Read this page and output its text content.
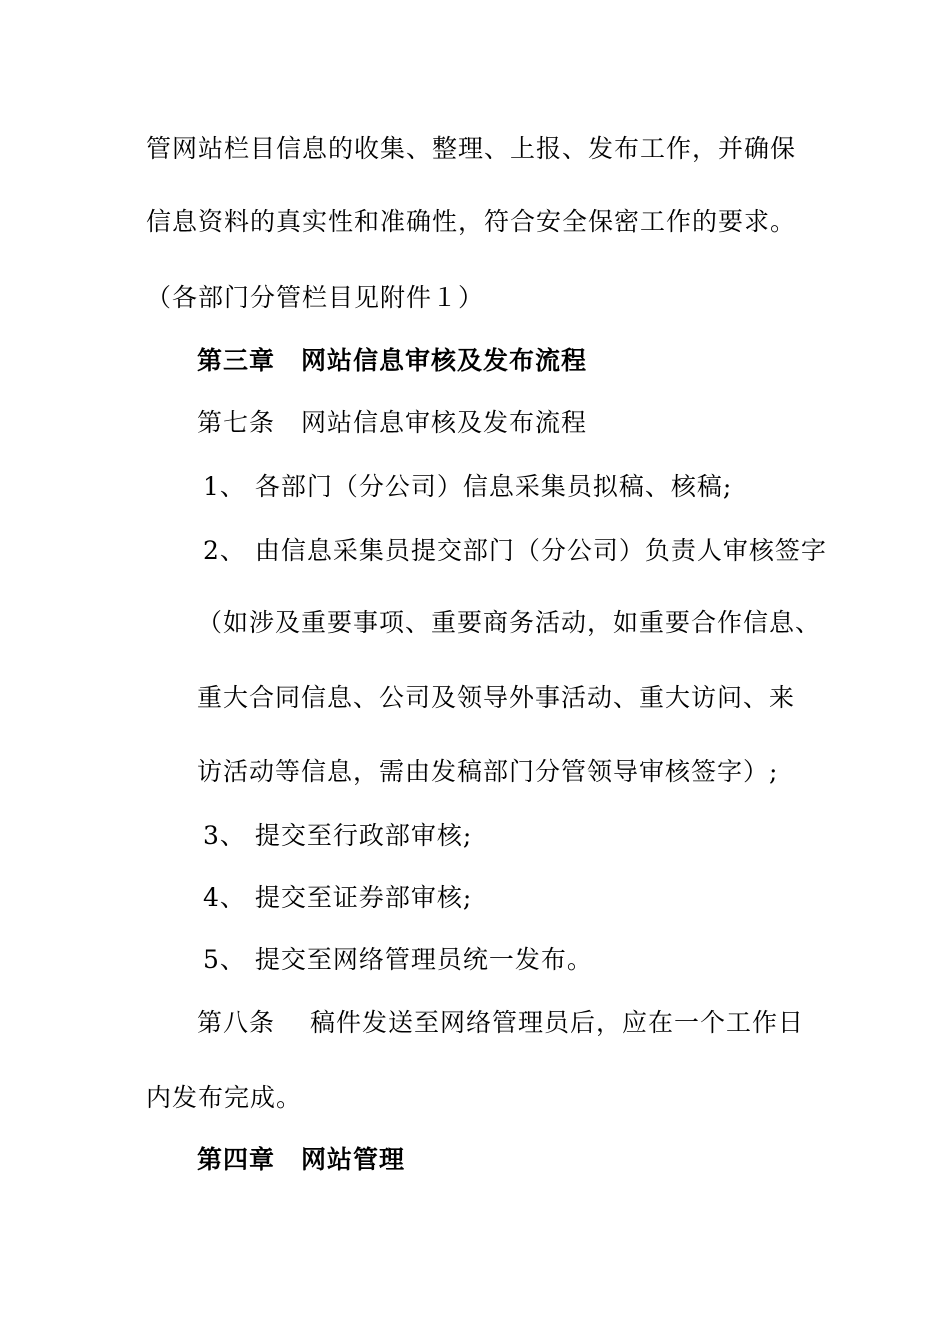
管网站栏目信息的收集、整理、上报、发布工作，并确保
信息资料的真实性和准确性，符合安全保密工作的要求。
（各部门分管栏目见附件１）
第三章　网站信息审核及发布流程
第七条　网站信息审核及发布流程
1、 各部门（分公司）信息采集员拟稿、核稿;
2、 由信息采集员提交部门（分公司）负责人审核签字
（如涉及重要事项、重要商务活动，如重要合作信息、
重大合同信息、公司及领导外事活动、重大访问、来
访活动等信息，需由发稿部门分管领导审核签字）;
3、 提交至行政部审核;
4、 提交至证券部审核;
5、 提交至网络管理员统一发布。
第八条　 稿件发送至网络管理员后，应在一个工作日
内发布完成。
第四章　网站管理
